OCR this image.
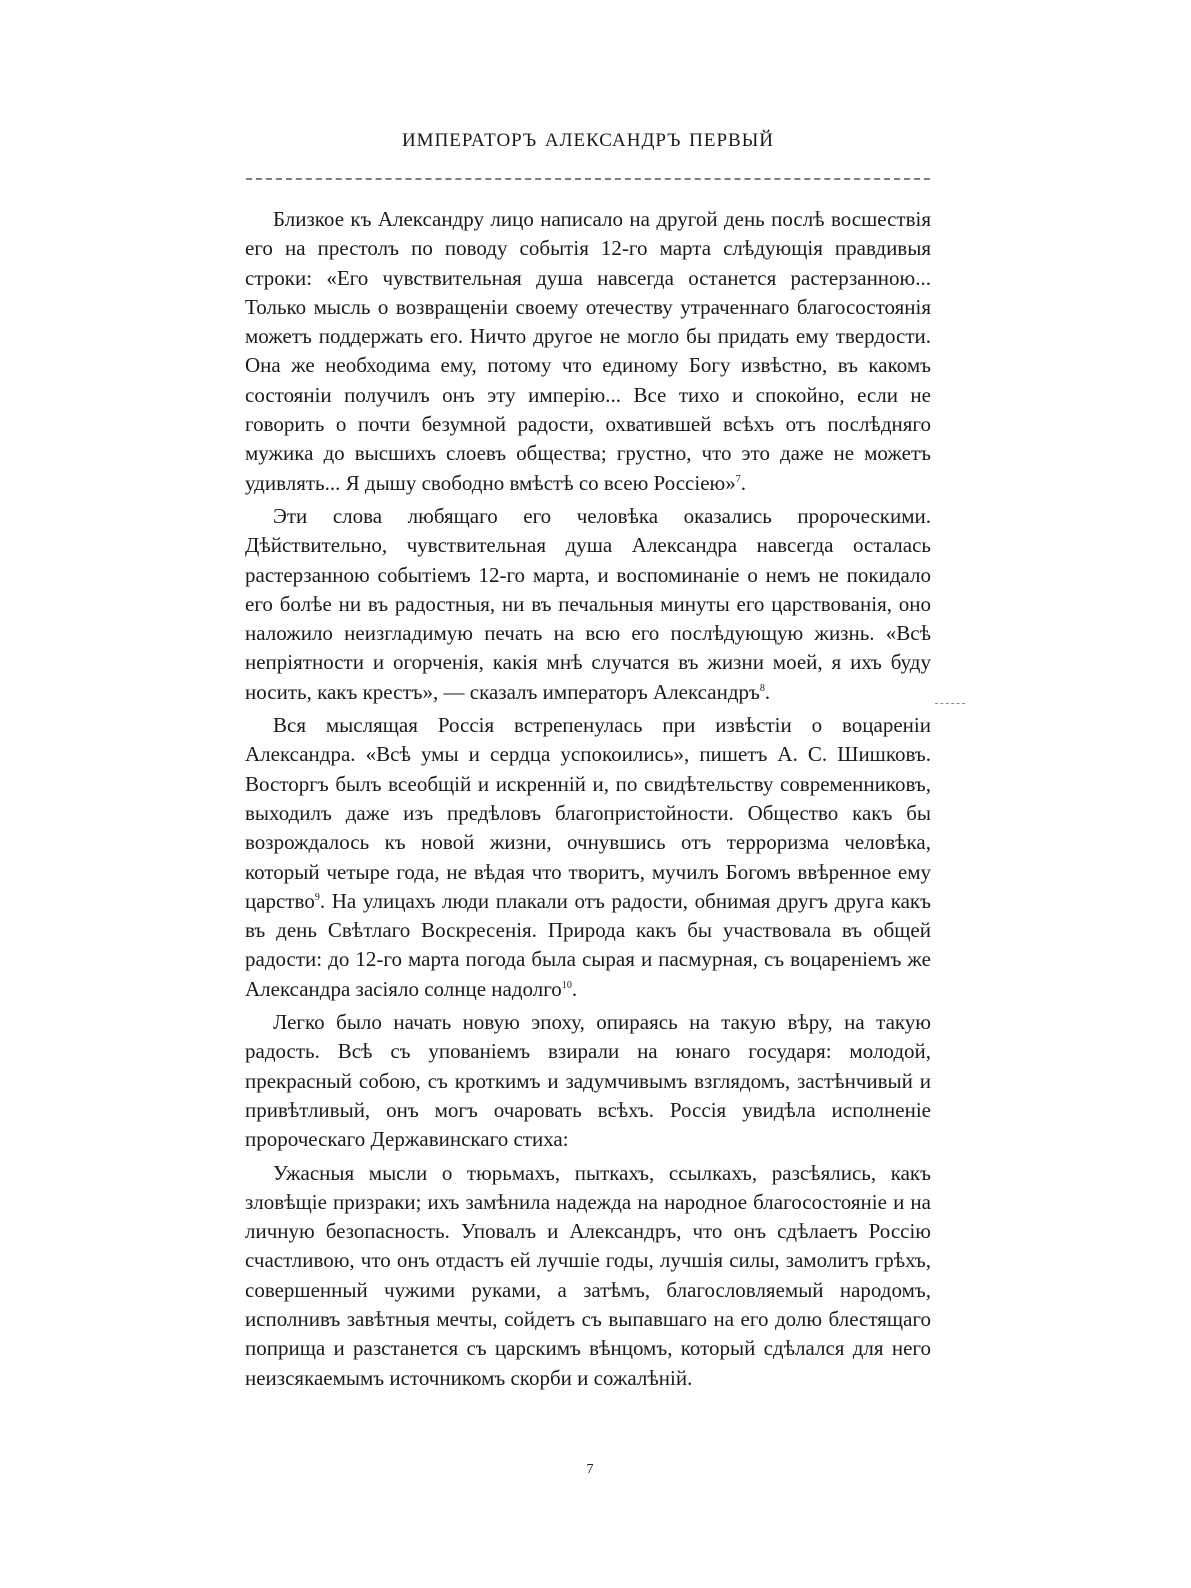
ИМПЕРАТОРЪ АЛЕКСАНДРЪ ПЕРВЫЙ

Близкое къ Александру лицо написало на другой день послѣ восшествія его на престолъ по поводу событія 12-го марта слѣдующія правдивыя строки: «Его чувствительная душа навсегда останется растерзанною... Только мысль о возвращенiи своему отечеству утраченнаго благосостоянія можетъ поддержать его. Ничто другое не могло бы придать ему твердости. Она же необходима ему, потому что единому Богу извѣстно, въ какомъ состоянiи получилъ онъ эту имперію... Все тихо и спокойно, если не говорить о почти безумной радости, охватившей всѣхъ отъ послѣдняго мужика до высшихъ слоевъ общества; грустно, что это даже не можетъ удивлять... Я дышу свободно вмѣстѣ со всею Россiею»$^7$.

Эти слова любящаго его человѣка оказались пророческими. Дѣйствительно, чувствительная душа Александра навсегда осталась растерзанною событiемъ 12-го марта, и воспоминаніе о немъ не покидало его болѣе ни въ радостныя, ни въ печальныя минуты его царствованія, оно наложило неизгладимую печать на всю его послѣдующую жизнь. «Всѣ непріятности и огорченія, какія мнѣ случатся въ жизни моей, я ихъ буду носить, какъ крестъ», — сказалъ императоръ Александръ$^8$.

Вся мыслящая Россія встрепенулась при извѣстіи о воцареніи Александра. «Всѣ умы и сердца успокоились», пишетъ А. С. Шишковъ. Восторгъ былъ всеобщій и искренній и, по свидѣтельству современниковъ, выходилъ даже изъ предѣловъ благопристойности. Общество какъ бы возрождалось къ новой жизни, очнувшись отъ терроризма человѣка, который четыре года, не вѣдая что творитъ, мучилъ Богомъ ввѣренное ему царство$^9$. На улицахъ люди плакали отъ радости, обнимая другъ друга какъ въ день Свѣтлаго Воскресенія. Природа какъ бы участвовала въ общей радости: до 12-го марта погода была сырая и пасмурная, съ воцареніемъ же Александра засіяло солнце надолго$^{10}$.

Легко было начать новую эпоху, опираясь на такую вѣру, на такую радость. Всѣ съ упованіемъ взирали на юнаго государя: молодой, прекрасный собою, съ кроткимъ и задумчивымъ взглядомъ, застѣнчивый и привѣтливый, онъ могъ очаровать всѣхъ. Россія увидѣла исполненіе пророческаго Державинскаго стиха:

Ужасныя мысли о тюрьмахъ, пыткахъ, ссылкахъ, разсѣялись, какъ зловѣщіе призраки; ихъ замѣнила надежда на народное благосостояніе и на личную безопасность. Уповалъ и Александръ, что онъ сдѣлаетъ Россію счастливою, что онъ отдастъ ей лучшіе годы, лучшія силы, замолитъ грѣхъ, совершенный чужими руками, а затѣмъ, благословляемый народомъ, исполнивъ завѣтныя мечты, сойдетъ съ выпавшаго на его долю блестящаго поприща и разстанется съ царскимъ вѣнцомъ, который сдѣлался для него неизсякаемымъ источникомъ скорби и сожалѣній.

7
